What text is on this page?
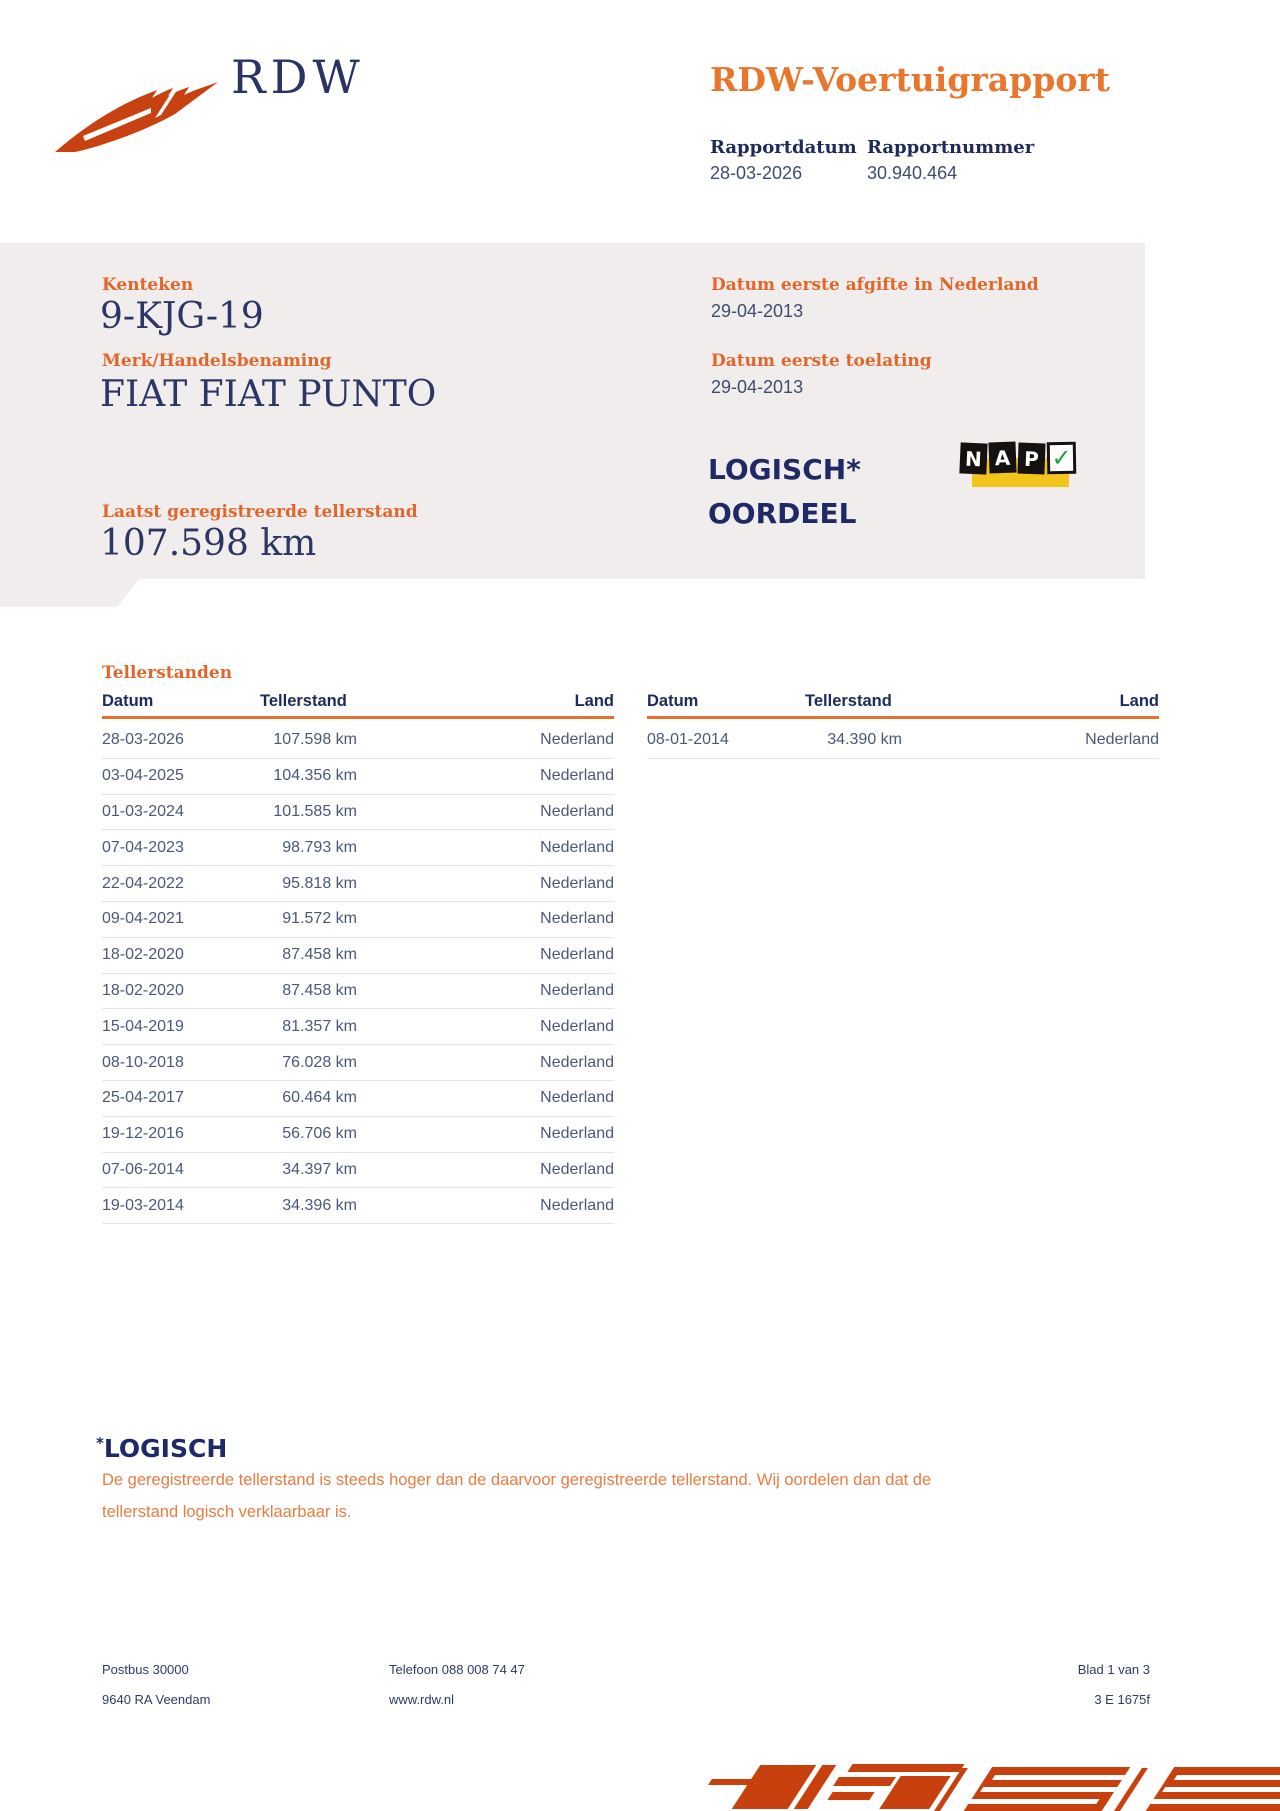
RDW	RDW-Voertuigrapport
Rapportdatum
28-03-2026
Rapportnummer
30.940.464
Kenteken
9-KJG-19
Merk/Handelsbenaming
FIAT FIAT PUNTO
Laatst geregistreerde tellerstand
107.598 km
Datum eerste afgifte in Nederland
29-04-2013
Datum eerste toelating
29-04-2013
LOGISCH*
OORDEEL
N A P ✓
Tellerstanden
Datum	Tellerstand	Land
28-03-2026	107.598 km	Nederland
03-04-2025	104.356 km	Nederland
01-03-2024	101.585 km	Nederland
07-04-2023	98.793 km	Nederland
22-04-2022	95.818 km	Nederland
09-04-2021	91.572 km	Nederland
18-02-2020	87.458 km	Nederland
18-02-2020	87.458 km	Nederland
15-04-2019	81.357 km	Nederland
08-10-2018	76.028 km	Nederland
25-04-2017	60.464 km	Nederland
19-12-2016	56.706 km	Nederland
07-06-2014	34.397 km	Nederland
19-03-2014	34.396 km	Nederland
Datum	Tellerstand	Land
08-01-2014	34.390 km	Nederland
*LOGISCH
De geregistreerde tellerstand is steeds hoger dan de daarvoor geregistreerde tellerstand. Wij oordelen dan dat de
tellerstand logisch verklaarbaar is.
Postbus 30000
9640 RA Veendam
Telefoon 088 008 74 47
www.rdw.nl
Blad 1 van 3
3 E 1675f
